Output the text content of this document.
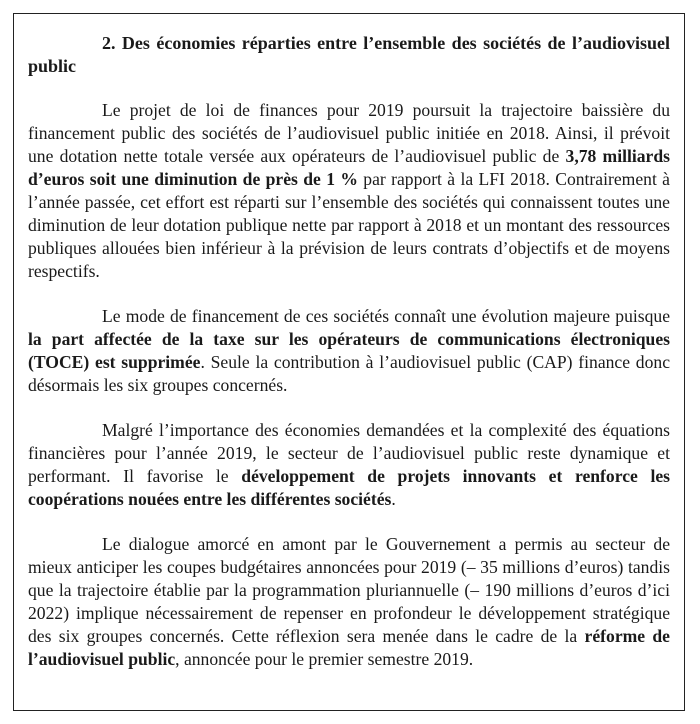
2. Des économies réparties entre l’ensemble des sociétés de l’audiovisuel public

Le projet de loi de finances pour 2019 poursuit la trajectoire baissière du financement public des sociétés de l’audiovisuel public initiée en 2018. Ainsi, il prévoit une dotation nette totale versée aux opérateurs de l’audiovisuel public de 3,78 milliards d’euros soit une diminution de près de 1 % par rapport à la LFI 2018. Contrairement à l’année passée, cet effort est réparti sur l’ensemble des sociétés qui connaissent toutes une diminution de leur dotation publique nette par rapport à 2018 et un montant des ressources publiques allouées bien inférieur à la prévision de leurs contrats d’objectifs et de moyens respectifs.

Le mode de financement de ces sociétés connaît une évolution majeure puisque la part affectée de la taxe sur les opérateurs de communications électroniques (TOCE) est supprimée. Seule la contribution à l’audiovisuel public (CAP) finance donc désormais les six groupes concernés.

Malgré l’importance des économies demandées et la complexité des équations financières pour l’année 2019, le secteur de l’audiovisuel public reste dynamique et performant. Il favorise le développement de projets innovants et renforce les coopérations nouées entre les différentes sociétés.

Le dialogue amorcé en amont par le Gouvernement a permis au secteur de mieux anticiper les coupes budgétaires annoncées pour 2019 (– 35 millions d’euros) tandis que la trajectoire établie par la programmation pluriannuelle (– 190 millions d’euros d’ici 2022) implique nécessairement de repenser en profondeur le développement stratégique des six groupes concernés. Cette réflexion sera menée dans le cadre de la réforme de l’audiovisuel public, annoncée pour le premier semestre 2019.
